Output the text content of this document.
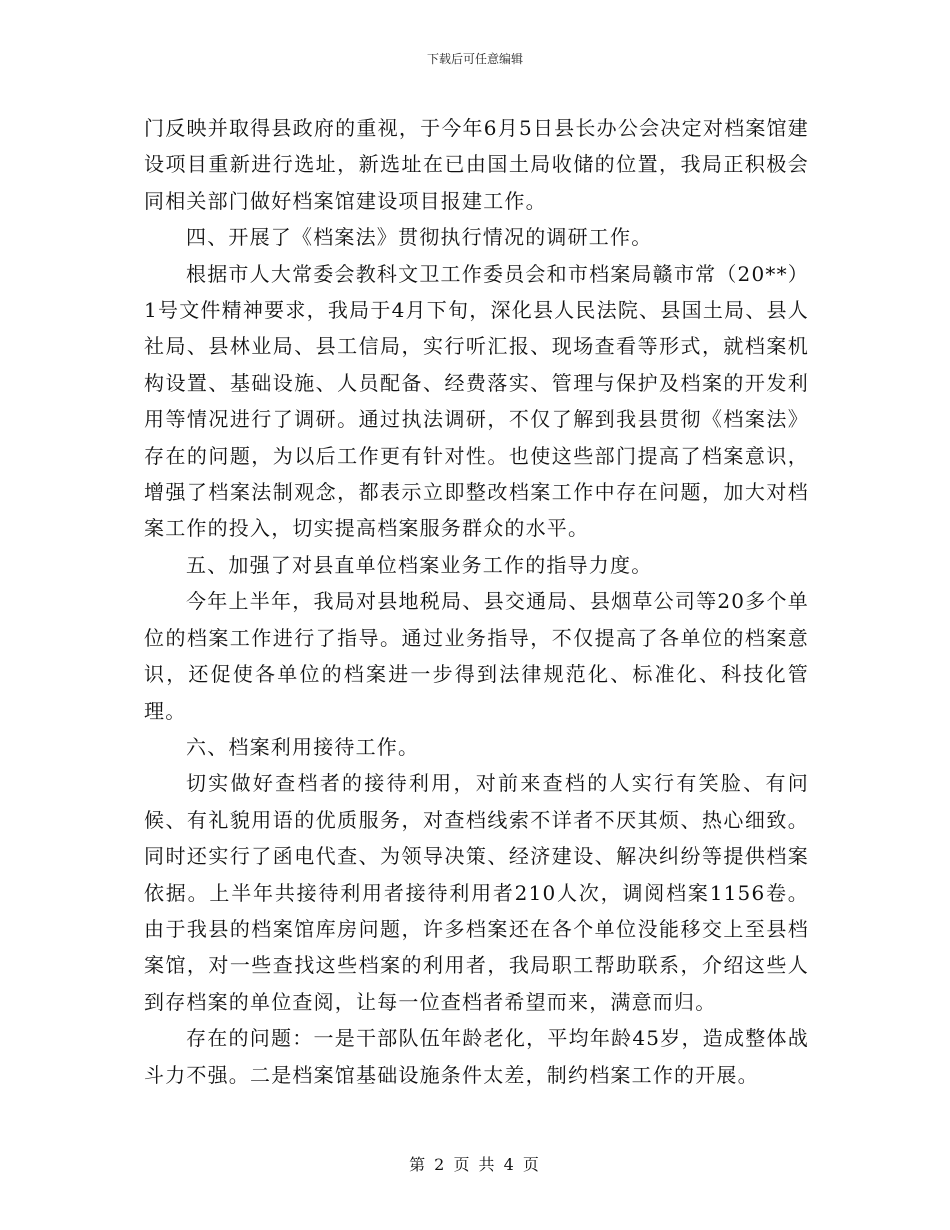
下载后可任意编辑

门反映并取得县政府的重视，于今年6月5日县长办公会决定对档案馆建设项目重新进行选址，新选址在已由国土局收储的位置，我局正积极会同相关部门做好档案馆建设项目报建工作。

四、开展了《档案法》贯彻执行情况的调研工作。

根据市人大常委会教科文卫工作委员会和市档案局赣市常（20**）1号文件精神要求，我局于4月下旬，深化县人民法院、县国土局、县人社局、县林业局、县工信局，实行听汇报、现场查看等形式，就档案机构设置、基础设施、人员配备、经费落实、管理与保护及档案的开发利用等情况进行了调研。通过执法调研，不仅了解到我县贯彻《档案法》存在的问题，为以后工作更有针对性。也使这些部门提高了档案意识，增强了档案法制观念，都表示立即整改档案工作中存在问题，加大对档案工作的投入，切实提高档案服务群众的水平。

五、加强了对县直单位档案业务工作的指导力度。

今年上半年，我局对县地税局、县交通局、县烟草公司等20多个单位的档案工作进行了指导。通过业务指导，不仅提高了各单位的档案意识，还促使各单位的档案进一步得到法律规范化、标准化、科技化管理。

六、档案利用接待工作。

切实做好查档者的接待利用，对前来查档的人实行有笑脸、有问候、有礼貌用语的优质服务，对查档线索不详者不厌其烦、热心细致。同时还实行了函电代查、为领导决策、经济建设、解决纠纷等提供档案依据。上半年共接待利用者接待利用者210人次，调阅档案1156卷。由于我县的档案馆库房问题，许多档案还在各个单位没能移交上至县档案馆，对一些查找这些档案的利用者，我局职工帮助联系，介绍这些人到存档案的单位查阅，让每一位查档者希望而来，满意而归。

存在的问题：一是干部队伍年龄老化，平均年龄45岁，造成整体战斗力不强。二是档案馆基础设施条件太差，制约档案工作的开展。

第 2 页 共 4 页
